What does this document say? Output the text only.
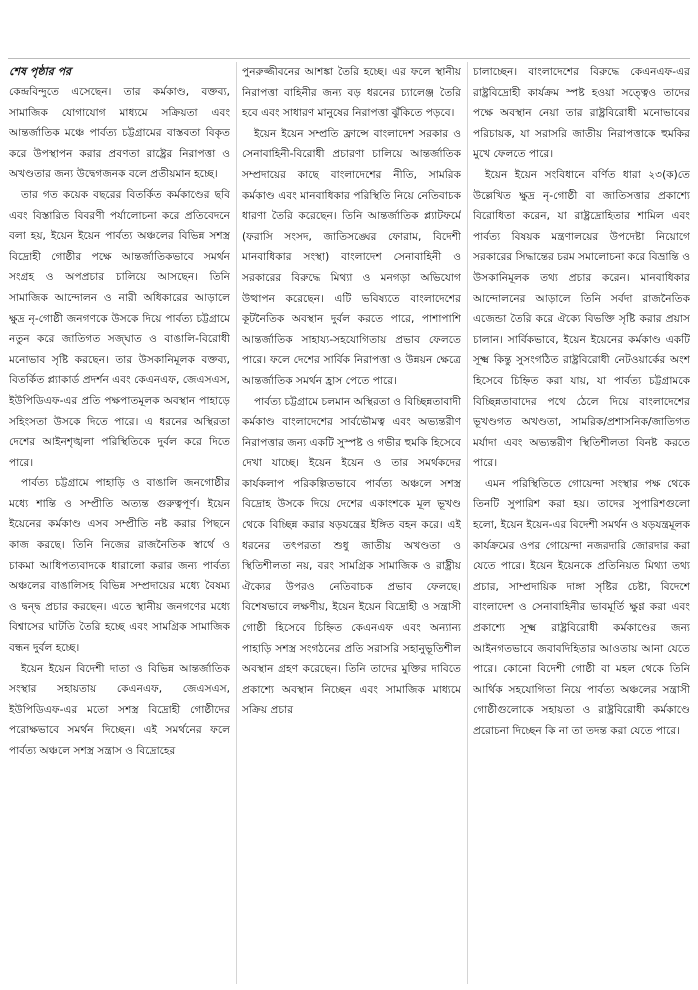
শেষ পৃষ্ঠার পর

কেন্দ্রবিন্দুতে এসেছেন। তার কর্মকাণ্ড, বক্তব্য, সামাজিক যোগাযোগ মাধ্যমে সক্রিয়তা এবং আন্তর্জাতিক মঞ্চে পার্বত্য চট্টগ্রামের বাস্তবতা বিকৃত করে উপস্থাপন করার প্রবণতা রাষ্ট্রের নিরাপত্তা ও অখণ্ডতার জন্য উদ্বেগজনক বলে প্রতীয়মান হচ্ছে।

তার গত কয়েক বছরের বিতর্কিত কর্মকাণ্ডের ছবি এবং বিস্তারিত বিবরণী পর্যালোচনা করে প্রতিবেদনে বলা হয়, ইয়েন ইয়েন পার্বত্য অঞ্চলের বিভিন্ন সশস্ত্র বিদ্রোহী গোষ্ঠীর পক্ষে আন্তর্জাতিকভাবে সমর্থন সংগ্রহ ও অপপ্রচার চালিয়ে আসছেন। তিনি সামাজিক আন্দোলন ও নারী অধিকারের আড়ালে ক্ষুদ্র নৃ-গোষ্ঠী জনগণকে উসকে দিয়ে পার্বত্য চট্টগ্রামে নতুন করে জাতিগত সজ্ঘাত ও বাঙালি-বিরোধী মনোভাব সৃষ্টি করছেন। তার উসকানিমূলক বক্তব্য, বিতর্কিত প্ল্যাকার্ড প্রদর্শন এবং কেএনএফ, জেএসএস, ইউপিডিএফ-এর প্রতি পক্ষপাতমূলক অবস্থান পাহাড়ে সহিংসতা উসকে দিতে পারে। এ ধরনের অস্থিরতা দেশের আইনশৃঙ্খলা পরিস্থিতিকে দুর্বল করে দিতে পারে।

পার্বত্য চট্টগ্রামে পাহাড়ি ও বাঙালি জনগোষ্ঠীর মধ্যে শান্তি ও সম্প্রীতি অত্যন্ত গুরুত্বপূর্ণ। ইয়েন ইয়েনের কর্মকাণ্ড এসব সম্প্রীতি নষ্ট করার পিছনে কাজ করছে। তিনি নিজের রাজনৈতিক স্বার্থে ও চাকমা আধিপত্যবাদকে ধারালো করার জন্য পার্বত্য অঞ্চলের বাঙালিসহ বিভিন্ন সম্প্রদায়ের মধ্যে বৈষম্য ও দ্বন্দ্ব প্রচার করছেন। এতে স্থানীয় জনগণের মধ্যে বিশ্বাসের ঘাটতি তৈরি হচ্ছে এবং সামগ্রিক সামাজিক বন্ধন দুর্বল হচ্ছে।

ইয়েন ইয়েন বিদেশী দাতা ও বিভিন্ন আন্তর্জাতিক সংস্থার সহায়তায় কেএনএফ, জেএসএস, ইউপিডিএফ-এর মতো সশস্ত্র বিদ্রোহী গোষ্ঠীদের পরোক্ষভাবে সমর্থন দিচ্ছেন। এই সমর্থনের ফলে পার্বত্য অঞ্চলে সশস্ত্র সন্ত্রাস ও বিদ্রোহের

পুনরুজ্জীবনের আশঙ্কা তৈরি হচ্ছে। এর ফলে স্থানীয় নিরাপত্তা বাহিনীর জন্য বড় ধরনের চ্যালেঞ্জ তৈরি হবে এবং সাধারণ মানুষের নিরাপত্তা ঝুঁকিতে পড়বে।

ইয়েন ইয়েন সম্প্রতি ফ্রান্সে বাংলাদেশ সরকার ও সেনাবাহিনী-বিরোধী প্রচারণা চালিয়ে আন্তর্জাতিক সম্প্রদায়ের কাছে বাংলাদেশের নীতি, সামরিক কর্মকাণ্ড এবং মানবাধিকার পরিস্থিতি নিয়ে নেতিবাচক ধারণা তৈরি করেছেন। তিনি আন্তর্জাতিক প্ল্যাটফর্মে (ফরাসি সংসদ, জাতিসঙ্ঘের ফোরাম, বিদেশী মানবাধিকার সংস্থা) বাংলাদেশ সেনাবাহিনী ও সরকারের বিরুদ্ধে মিথ্যা ও মনগড়া অভিযোগ উত্থাপন করেছেন। এটি ভবিষ্যতে বাংলাদেশের কূটনৈতিক অবস্থান দুর্বল করতে পারে, পাশাপাশি আন্তর্জাতিক সাহায্য-সহযোগিতায় প্রভাব ফেলতে পারে। ফলে দেশের সার্বিক নিরাপত্তা ও উন্নয়ন ক্ষেত্রে আন্তর্জাতিক সমর্থন হ্রাস পেতে পারে।

পার্বত্য চট্টগ্রামে চলমান অস্থিরতা ও বিচ্ছিন্নতাবাদী কর্মকাণ্ড বাংলাদেশের সার্বভৌমত্ব এবং অভ্যন্তরীণ নিরাপত্তার জন্য একটি সুস্পষ্ট ও গভীর হুমকি হিসেবে দেখা যাচ্ছে। ইয়েন ইয়েন ও তার সমর্থকদের কার্যকলাপ পরিকল্পিতভাবে পার্বত্য অঞ্চলে সশস্ত্র বিদ্রোহ উসকে দিয়ে দেশের একাংশকে মূল ভূখণ্ড থেকে বিচ্ছিন্ন করার ষড়যন্ত্রের ইঙ্গিত বহন করে। এই ধরনের তৎপরতা শুধু জাতীয় অখণ্ডতা ও স্থিতিশীলতা নয়, বরং সামগ্রিক সামাজিক ও রাষ্ট্রীয় ঐক্যের উপরও নেতিবাচক প্রভাব ফেলছে। বিশেষভাবে লক্ষণীয়, ইয়েন ইয়েন বিদ্রোহী ও সন্ত্রাসী গোষ্ঠী হিসেবে চিহ্নিত কেএনএফ এবং অন্যান্য পাহাড়ি সশস্ত্র সংগঠনের প্রতি সরাসরি সহানুভূতিশীল অবস্থান গ্রহণ করেছেন। তিনি তাদের মুক্তির দাবিতে প্রকাশ্যে অবস্থান নিচ্ছেন এবং সামাজিক মাধ্যমে সক্রিয় প্রচার

চালাচ্ছেন। বাংলাদেশের বিরুদ্ধে কেএনএফ-এর রাষ্ট্রবিদ্রোহী কার্যক্রম স্পষ্ট হওয়া সত্ত্বেও তাদের পক্ষে অবস্থান নেয়া তার রাষ্ট্রবিরোধী মনোভাবের পরিচায়ক, যা সরাসরি জাতীয় নিরাপত্তাকে হুমকির মুখে ফেলতে পারে।

ইয়েন ইয়েন সংবিধানে বর্ণিত ধারা ২৩(ক)তে উল্লেখিত ক্ষুদ্র নৃ-গোষ্ঠী বা জাতিসত্তার প্রকাশ্যে বিরোধিতা করেন, যা রাষ্ট্রদ্রোহিতার শামিল এবং পার্বত্য বিষয়ক মন্ত্রণালয়ের উপদেষ্টা নিয়োগে সরকারের সিদ্ধান্তের চরম সমালোচনা করে বিভ্রান্তি ও উসকানিমূলক তথ্য প্রচার করেন। মানবাধিকার আন্দোলনের আড়ালে তিনি সর্বদা রাজনৈতিক এজেন্ডা তৈরি করে ঐক্যে বিভক্তি সৃষ্টি করার প্রয়াস চালান। সার্বিকভাবে, ইয়েন ইয়েনের কর্মকাণ্ড একটি সূক্ষ্ম কিন্তু সুসংগঠিত রাষ্ট্রবিরোধী নেটওয়ার্কের অংশ হিসেবে চিহ্নিত করা যায়, যা পার্বত্য চট্টগ্রামকে বিচ্ছিন্নতাবাদের পথে ঠেলে দিয়ে বাংলাদেশের ভূখণ্ডগত অখণ্ডতা, সামরিক/প্রশাসনিক/জাতিগত মর্যাদা এবং অভ্যন্তরীণ স্থিতিশীলতা বিনষ্ট করতে পারে।

এমন পরিস্থিতিতে গোয়েন্দা সংস্থার পক্ষ থেকে তিনটি সুপারিশ করা হয়। তাদের সুপারিশগুলো হলো, ইয়েন ইয়েন-এর বিদেশী সমর্থন ও ষড়যন্ত্রমূলক কার্যক্রমের ওপর গোয়েন্দা নজরদারি জোরদার করা যেতে পারে। ইয়েন ইয়েনকে প্রতিনিয়ত মিথ্যা তথ্য প্রচার, সাম্প্রদায়িক দাঙ্গা সৃষ্টির চেষ্টা, বিদেশে বাংলাদেশ ও সেনাবাহিনীর ভাবমূর্তি ক্ষুণ্ণ করা এবং প্রকাশ্যে সূক্ষ্ম রাষ্ট্রবিরোধী কর্মকাণ্ডের জন্য আইনগতভাবে জবাবদিহিতার আওতায় আনা যেতে পারে। কোনো বিদেশী গোষ্ঠী বা মহল থেকে তিনি আর্থিক সহযোগিতা নিয়ে পার্বত্য অঞ্চলের সন্ত্রাসী গোষ্ঠীগুলোকে সহায়তা ও রাষ্ট্রবিরোধী কর্মকাণ্ডে প্ররোচনা দিচ্ছেন কি না তা তদন্ত করা যেতে পারে।
